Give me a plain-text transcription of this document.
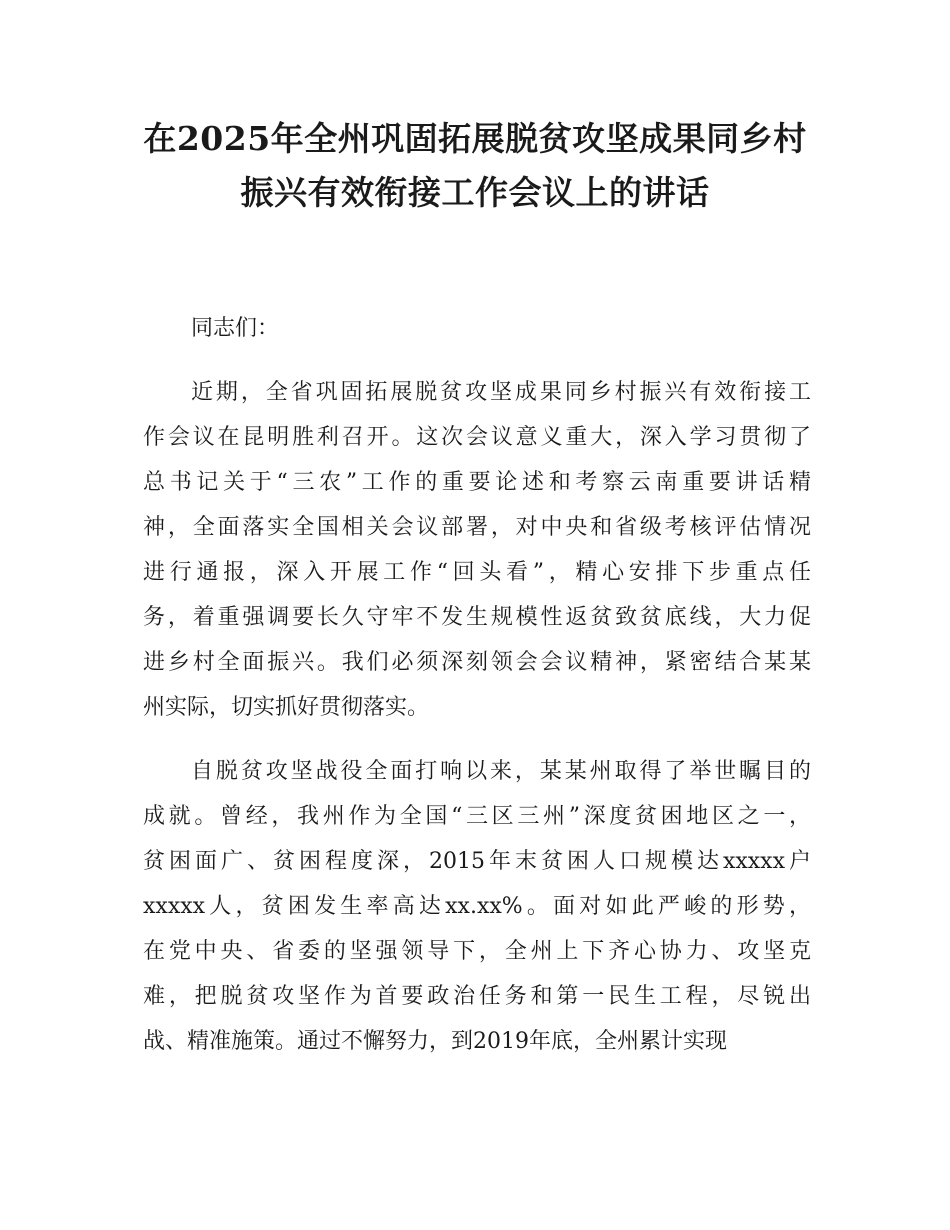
在2025年全州巩固拓展脱贫攻坚成果同乡村
振兴有效衔接工作会议上的讲话
同志们：
近期，全省巩固拓展脱贫攻坚成果同乡村振兴有效衔接工
作会议在昆明胜利召开。这次会议意义重大，深入学习贯彻了
总书记关于“三农”工作的重要论述和考察云南重要讲话精
神，全面落实全国相关会议部署，对中央和省级考核评估情况
进行通报，深入开展工作“回头看”，精心安排下步重点任
务，着重强调要长久守牢不发生规模性返贫致贫底线，大力促
进乡村全面振兴。我们必须深刻领会会议精神，紧密结合某某
州实际，切实抓好贯彻落实。
自脱贫攻坚战役全面打响以来，某某州取得了举世瞩目的
成就。曾经，我州作为全国“三区三州”深度贫困地区之一，
贫困面广、贫困程度深，2015年末贫困人口规模达xxxxx户
xxxxx人，贫困发生率高达xx.xx%。面对如此严峻的形势，
在党中央、省委的坚强领导下，全州上下齐心协力、攻坚克
难，把脱贫攻坚作为首要政治任务和第一民生工程，尽锐出
战、精准施策。通过不懈努力，到2019年底，全州累计实现
